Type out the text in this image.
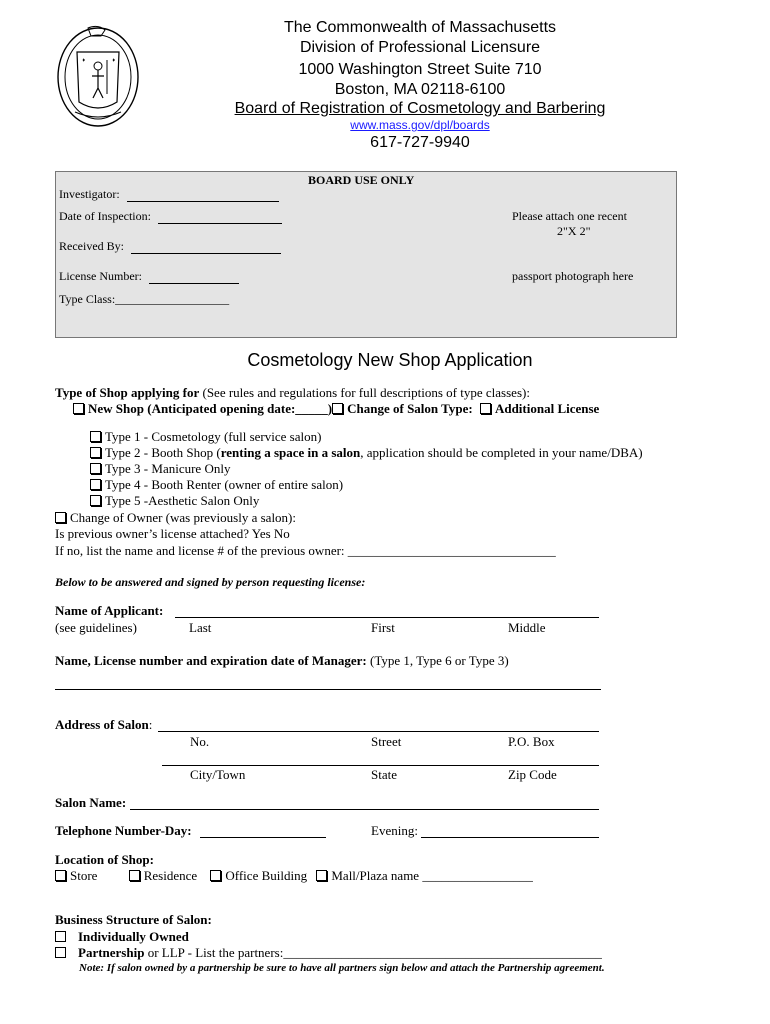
The Commonwealth of Massachusetts
Division of Professional Licensure
1000 Washington Street Suite 710
Boston, MA 02118-6100
Board of Registration of Cosmetology and Barbering
www.mass.gov/dpl/boards
617-727-9940
BOARD USE ONLY
Investigator:
Date of Inspection:
Received By:
License Number:
Type Class:___________________
Please attach one recent
2"X 2"
passport photograph here
Cosmetology New Shop Application
Type of Shop applying for (See rules and regulations for full descriptions of type classes):
New Shop (Anticipated opening date:_____) Change of Salon Type: Additional License
Type 1 - Cosmetology (full service salon)
Type 2 - Booth Shop (renting a space in a salon, application should be completed in your name/DBA)
Type 3 - Manicure Only
Type 4 - Booth Renter (owner of entire salon)
Type 5 -Aesthetic Salon Only
Change of Owner (was previously a salon):
Is previous owner’s license attached? Yes No
If no, list the name and license # of the previous owner: ________________________________
Below to be answered and signed by person requesting license:
Name of Applicant:
(see guidelines)	Last	First	Middle
Name, License number and expiration date of Manager: (Type 1, Type 6 or Type 3)
Address of Salon:
No.	Street	P.O. Box
City/Town	State	Zip Code
Salon Name:
Telephone Number-Day:	Evening:
Location of Shop:
Store	Residence Office Building Mall/Plaza name _________________
Business Structure of Salon:
Individually Owned
Partnership or LLP - List the partners:_________________________________________________
Note: If salon owned by a partnership be sure to have all partners sign below and attach the Partnership agreement.
